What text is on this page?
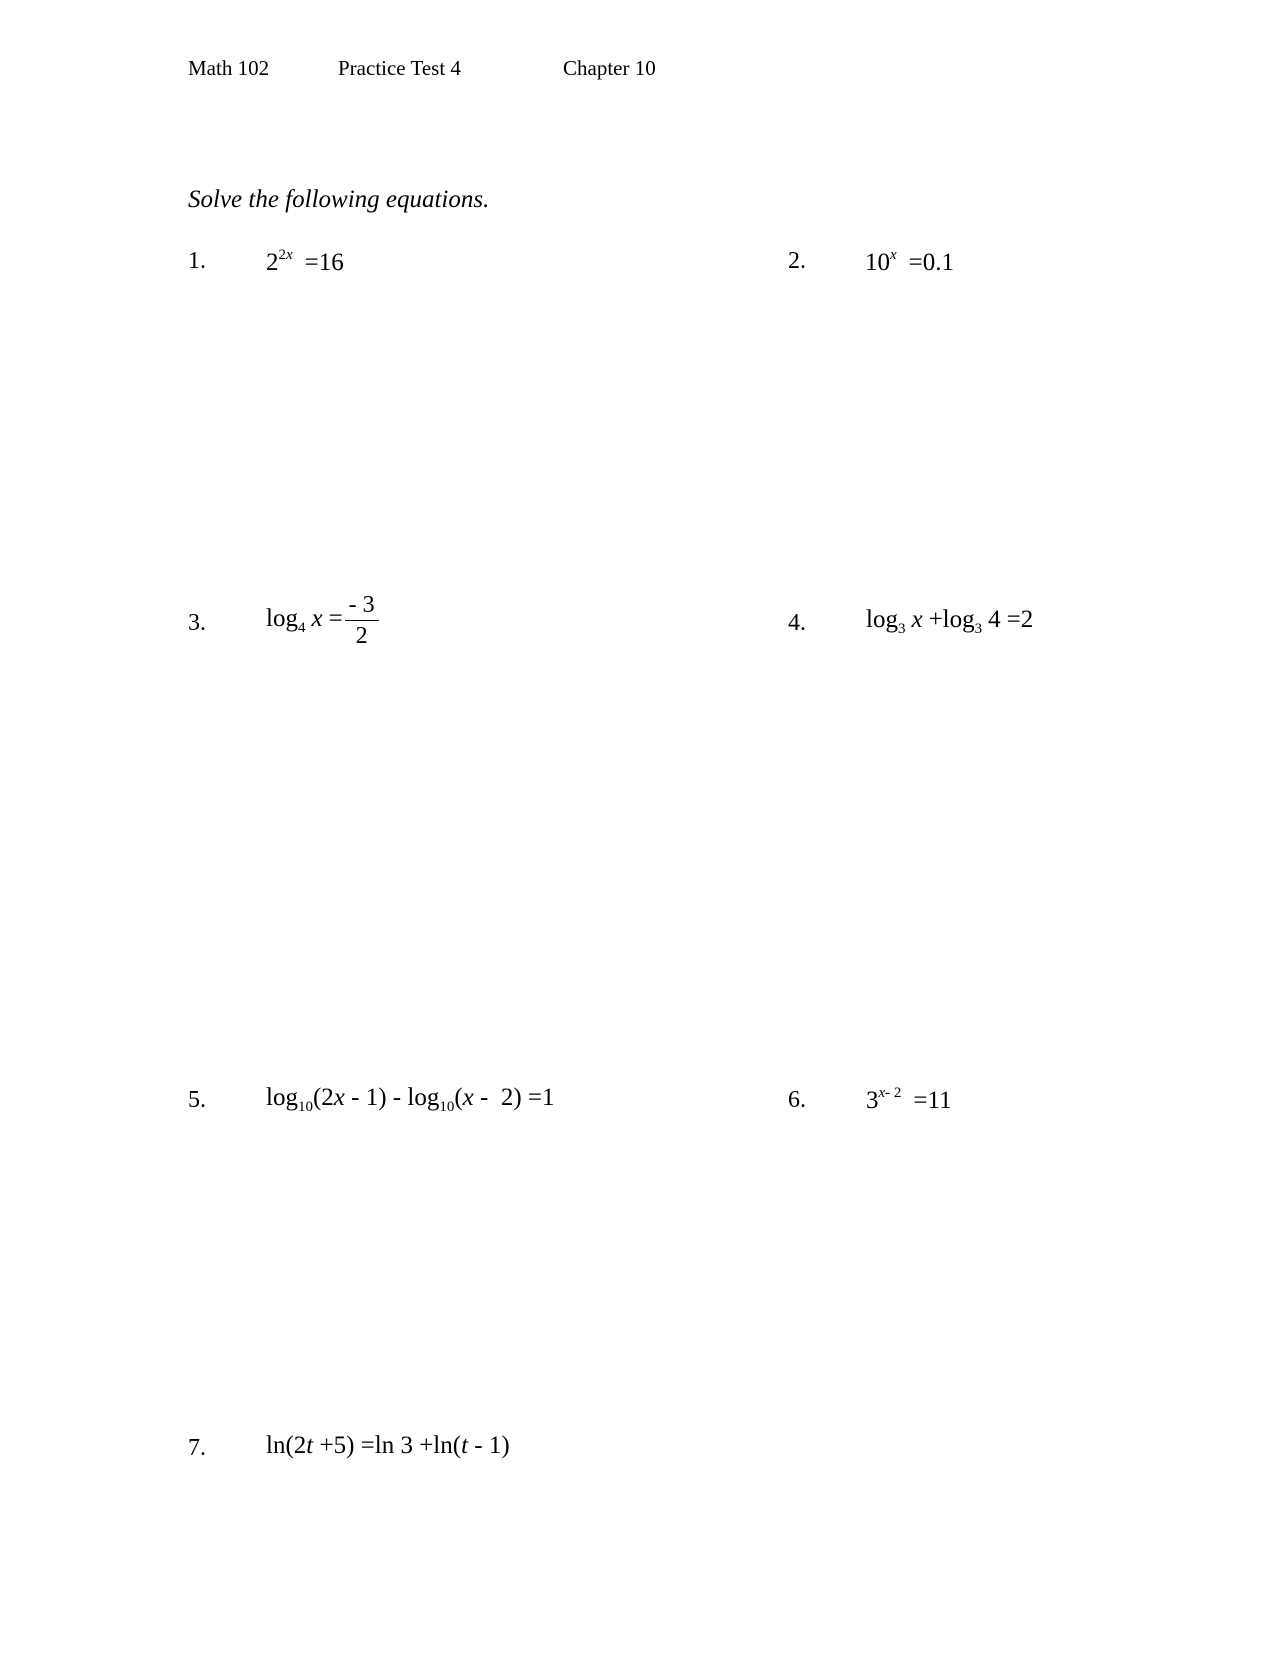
Math 102	Practice Test 4	Chapter 10
Solve the following equations.
1. $2^{2x} =16$	2. $10^x =0.1$
3. $\log_4 x = \frac{- 3}{2}$	4. $\log_3 x +\log_3$ 4 =2
5. $\log_{10}(2x - 1) - \log_{10}(x - 2) =1$	6. $3^{x- 2} =11$
7. ln(2t +5) =ln 3 +ln(t - 1)
